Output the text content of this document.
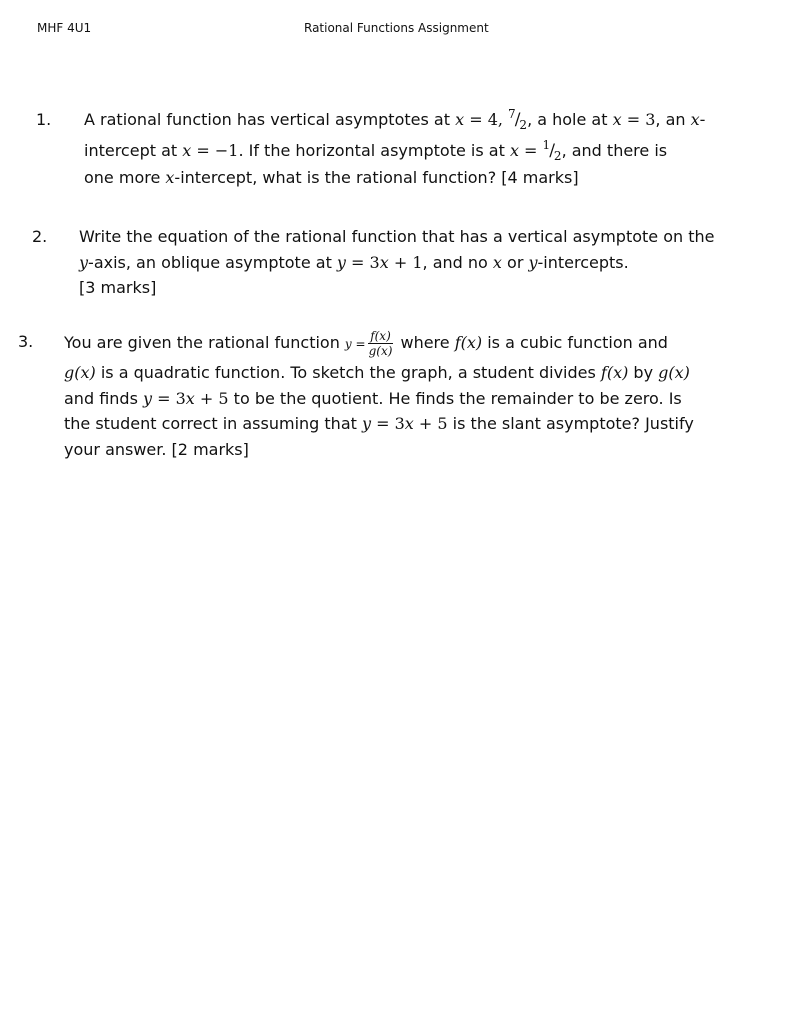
MHF 4U1	Rational Functions Assignment
1. A rational function has vertical asymptotes at x = 4, $^7/_2$, a hole at x = 3, an x-
intercept at x = −1. If the horizontal asymptote is at $x = ^1/_2$, and there is
one more x-intercept, what is the rational function? [4 marks]
2. Write the equation of the rational function that has a vertical asymptote on the
y-axis, an oblique asymptote at y = 3x + 1, and no x or y-intercepts.
[3 marks]
3. You are given the rational function $y = \frac{f(x)}{g(x)}$ where f(x) is a cubic function and
g(x) is a quadratic function. To sketch the graph, a student divides f(x) by g(x)
and finds y = 3x + 5 to be the quotient. He finds the remainder to be zero. Is
the student correct in assuming that y = 3x + 5 is the slant asymptote? Justify
your answer. [2 marks]
